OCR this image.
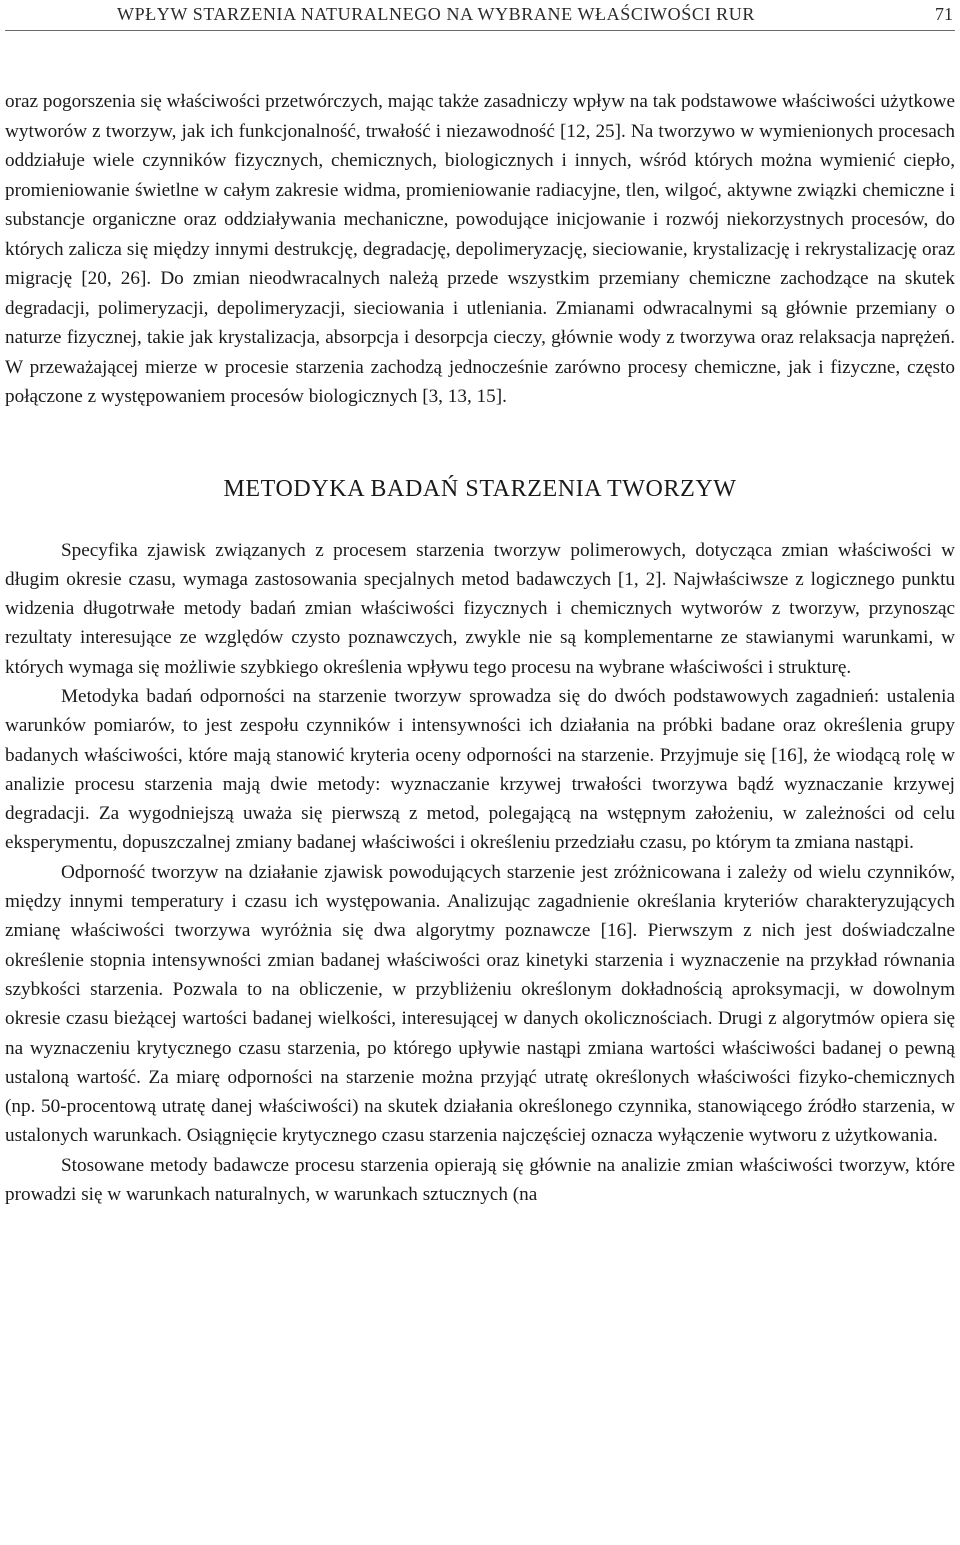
WPŁYW STARZENIA NATURALNEGO NA WYBRANE WŁAŚCIWOŚCI RUR	71

oraz pogorszenia się właściwości przetwórczych, mając także zasadniczy wpływ na tak podstawowe właściwości użytkowe wytworów z tworzyw, jak ich funkcjonalność, trwałość i niezawodność [12, 25]. Na tworzywo w wymienionych procesach oddziałuje wiele czynników fizycznych, chemicznych, biologicznych i innych, wśród których można wymienić ciepło, promieniowanie świetlne w całym zakresie widma, promieniowanie radiacyjne, tlen, wilgoć, aktywne związki chemiczne i substancje organiczne oraz oddziaływania mechaniczne, powodujące inicjowanie i rozwój niekorzystnych procesów, do których zalicza się między innymi destrukcję, degradację, depolimeryzację, sieciowanie, krystalizację i rekrystalizację oraz migrację [20, 26]. Do zmian nieodwracalnych należą przede wszystkim przemiany chemiczne zachodzące na skutek degradacji, polimeryzacji, depolimeryzacji, sieciowania i utleniania. Zmianami odwracalnymi są głównie przemiany o naturze fizycznej, takie jak krystalizacja, absorpcja i desorpcja cieczy, głównie wody z tworzywa oraz relaksacja naprężeń. W przeważającej mierze w procesie starzenia zachodzą jednocześnie zarówno procesy chemiczne, jak i fizyczne, często połączone z występowaniem procesów biologicznych [3, 13, 15].

METODYKA BADAŃ STARZENIA TWORZYW

Specyfika zjawisk związanych z procesem starzenia tworzyw polimerowych, dotycząca zmian właściwości w długim okresie czasu, wymaga zastosowania specjalnych metod badawczych [1, 2]. Najwłaściwsze z logicznego punktu widzenia długotrwałe metody badań zmian właściwości fizycznych i chemicznych wytworów z tworzyw, przynosząc rezultaty interesujące ze względów czysto poznawczych, zwykle nie są komplementarne ze stawianymi warunkami, w których wymaga się możliwie szybkiego określenia wpływu tego procesu na wybrane właściwości i strukturę.

Metodyka badań odporności na starzenie tworzyw sprowadza się do dwóch podstawowych zagadnień: ustalenia warunków pomiarów, to jest zespołu czynników i intensywności ich działania na próbki badane oraz określenia grupy badanych właściwości, które mają stanowić kryteria oceny odporności na starzenie. Przyjmuje się [16], że wiodącą rolę w analizie procesu starzenia mają dwie metody: wyznaczanie krzywej trwałości tworzywa bądź wyznaczanie krzywej degradacji. Za wygodniejszą uważa się pierwszą z metod, polegającą na wstępnym założeniu, w zależności od celu eksperymentu, dopuszczalnej zmiany badanej właściwości i określeniu przedziału czasu, po którym ta zmiana nastąpi.

Odporność tworzyw na działanie zjawisk powodujących starzenie jest zróżnicowana i zależy od wielu czynników, między innymi temperatury i czasu ich występowania. Analizując zagadnienie określania kryteriów charakteryzujących zmianę właściwości tworzywa wyróżnia się dwa algorytmy poznawcze [16]. Pierwszym z nich jest doświadczalne określenie stopnia intensywności zmian badanej właściwości oraz kinetyki starzenia i wyznaczenie na przykład równania szybkości starzenia. Pozwala to na obliczenie, w przybliżeniu określonym dokładnością aproksymacji, w dowolnym okresie czasu bieżącej wartości badanej wielkości, interesującej w danych okolicznościach. Drugi z algorytmów opiera się na wyznaczeniu krytycznego czasu starzenia, po którego upływie nastąpi zmiana wartości właściwości badanej o pewną ustaloną wartość. Za miarę odporności na starzenie można przyjąć utratę określonych właściwości fizyko-chemicznych (np. 50-procentową utratę danej właściwości) na skutek działania określonego czynnika, stanowiącego źródło starzenia, w ustalonych warunkach. Osiągnięcie krytycznego czasu starzenia najczęściej oznacza wyłączenie wytworu z użytkowania.

Stosowane metody badawcze procesu starzenia opierają się głównie na analizie zmian właściwości tworzyw, które prowadzi się w warunkach naturalnych, w warunkach sztucznych (na
